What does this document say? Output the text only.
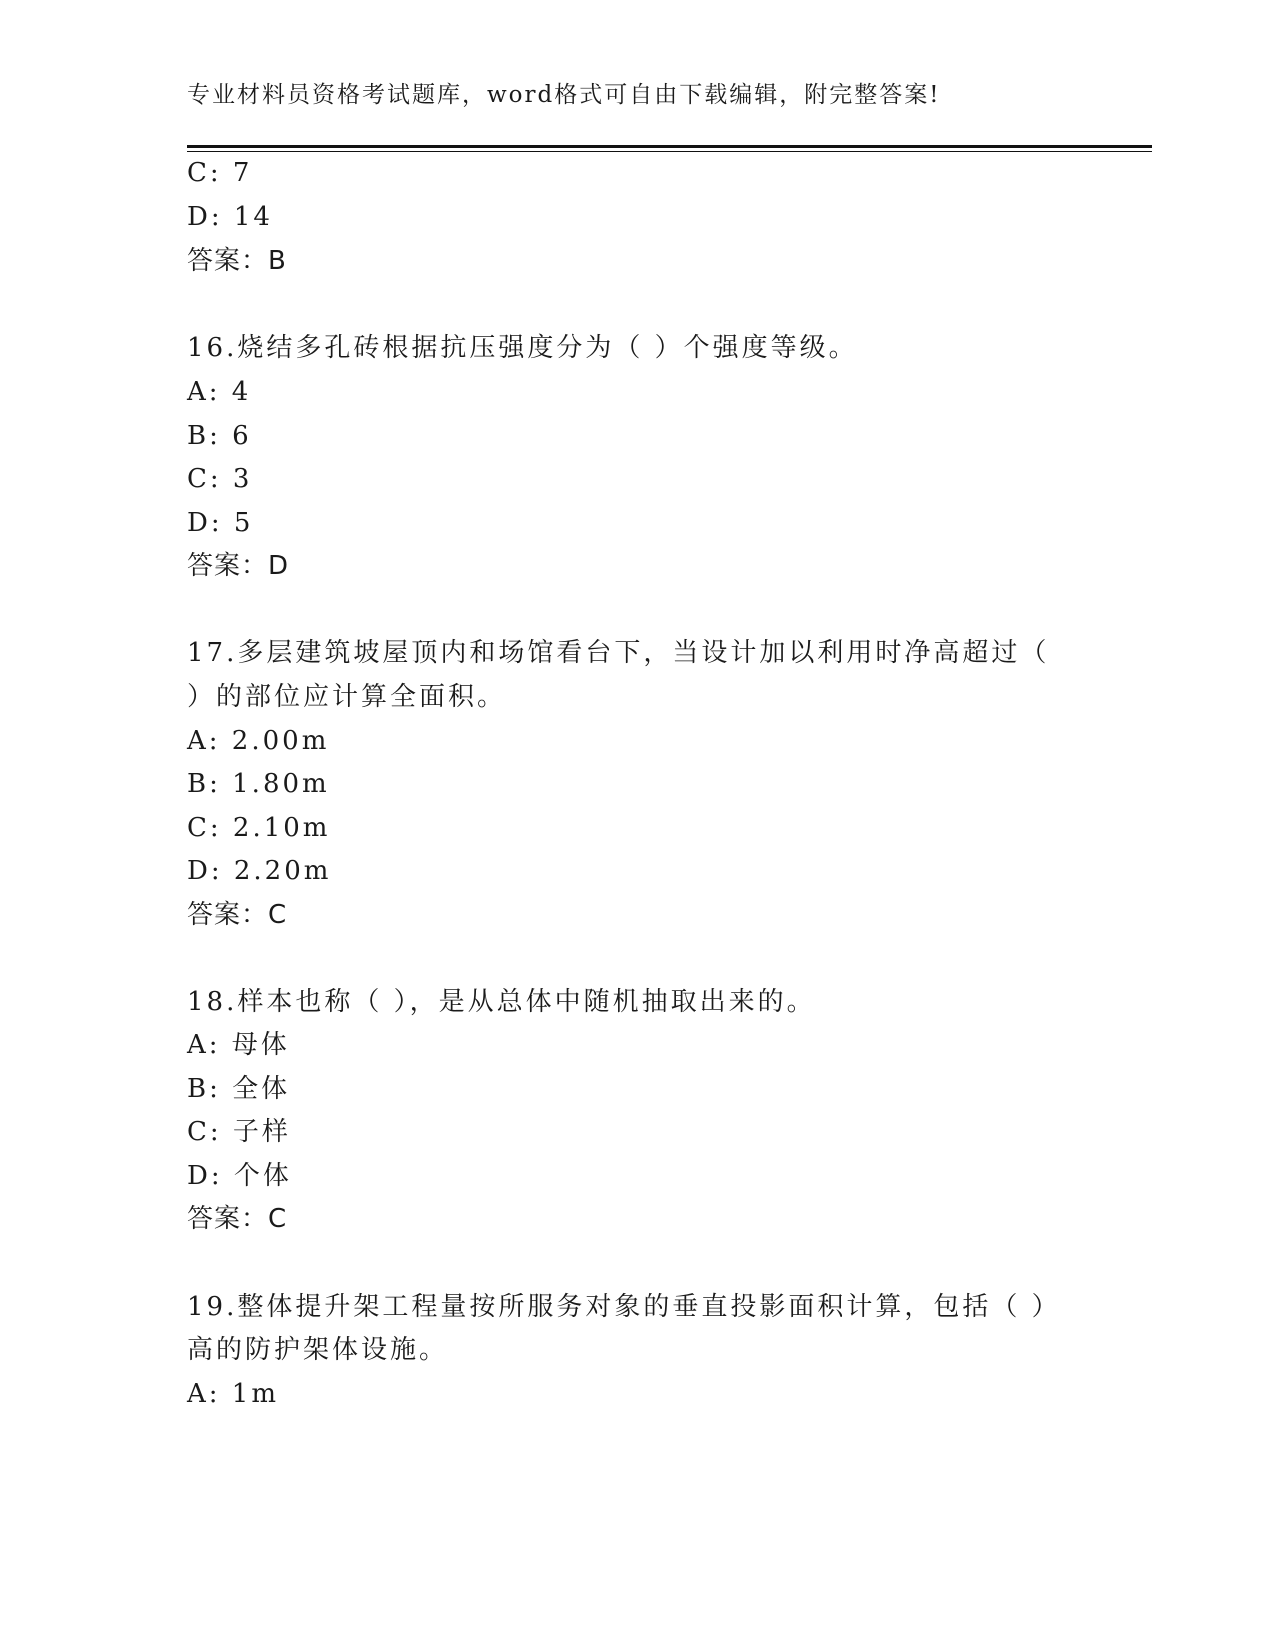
专业材料员资格考试题库，word格式可自由下载编辑，附完整答案!
C: 7
D: 14
答案：B
16.烧结多孔砖根据抗压强度分为（ ）个强度等级。
A: 4
B: 6
C: 3
D: 5
答案：D
17.多层建筑坡屋顶内和场馆看台下，当设计加以利用时净高超过（
）的部位应计算全面积。
A: 2.00m
B: 1.80m
C: 2.10m
D: 2.20m
答案：C
18.样本也称（ ），是从总体中随机抽取出来的。
A: 母体
B: 全体
C: 子样
D: 个体
答案：C
19.整体提升架工程量按所服务对象的垂直投影面积计算，包括（ ）
高的防护架体设施。
A: 1m
